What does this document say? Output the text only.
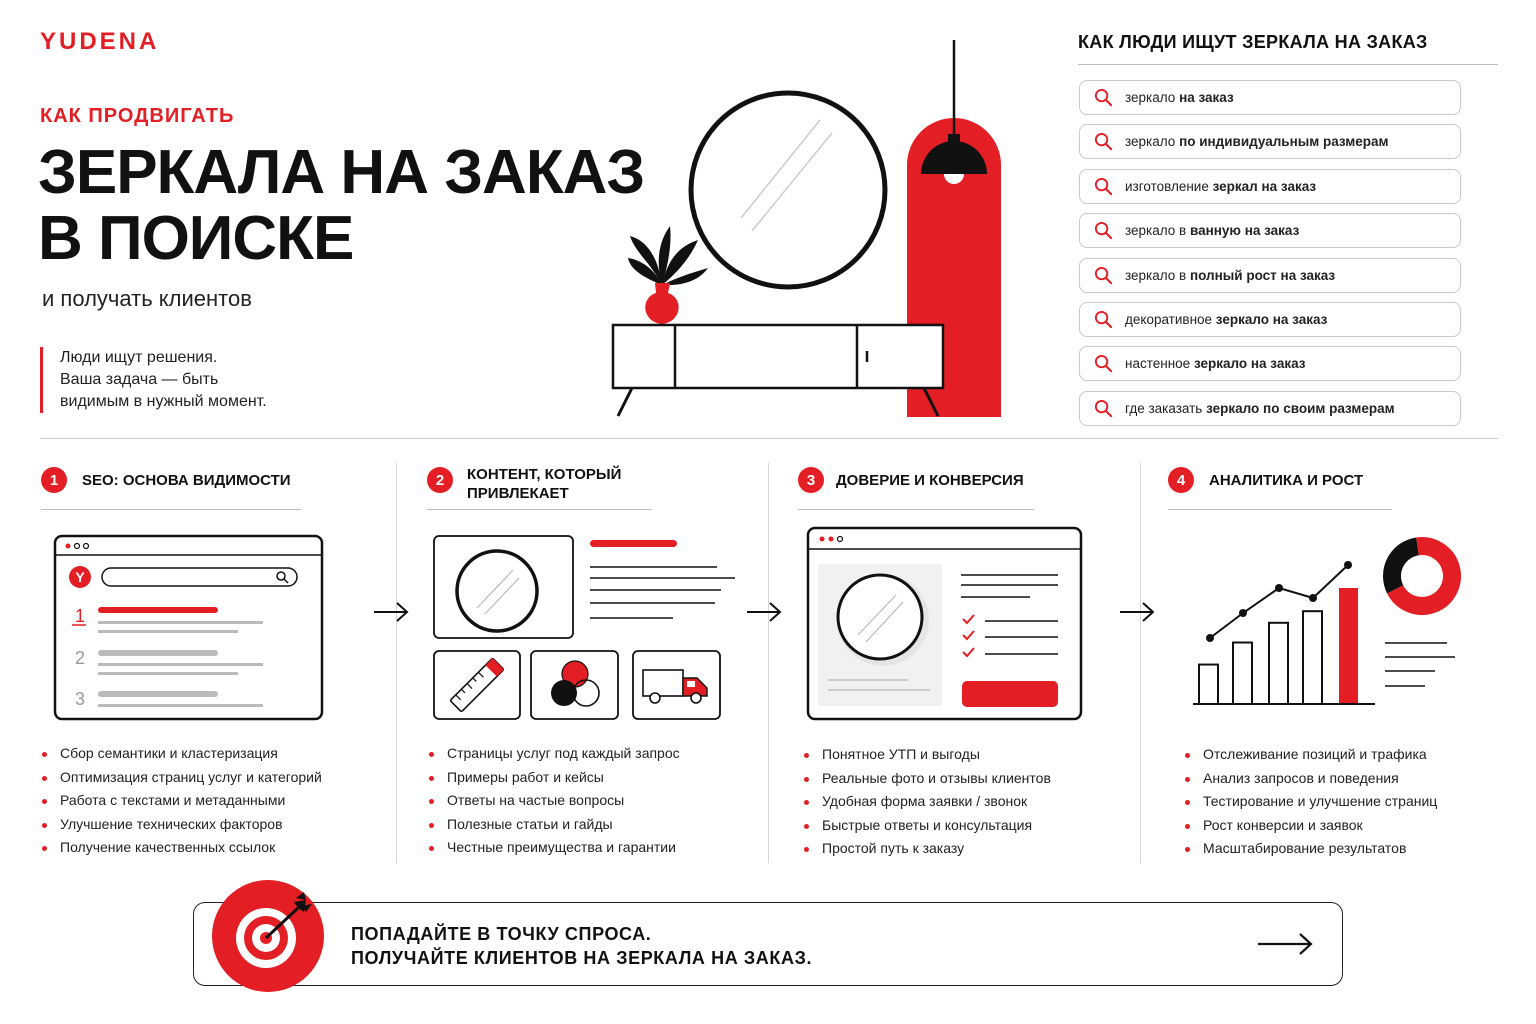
YUDENA
КАК ПРОДВИГАТЬ
ЗЕРКАЛА НА ЗАКАЗ
В ПОИСКЕ
и получать клиентов
Люди ищут решения.
Ваша задача — быть
видимым в нужный момент.
КАК ЛЮДИ ИЩУТ ЗЕРКАЛА НА ЗАКАЗ
зеркало на заказ
зеркало по индивидуальным размерам
изготовление зеркал на заказ
зеркало в ванную на заказ
зеркало в полный рост на заказ
декоративное зеркало на заказ
настенное зеркало на заказ
где заказать зеркало по своим размерам
1	SEO: ОСНОВА ВИДИМОСТИ	2	КОНТЕНТ, КОТОРЫЙ
ПРИВЛЕКАЕТ
3	ДОВЕРИЕ И КОНВЕРСИЯ	4	АНАЛИТИКА И РОСТ
Y
1
2
3
Сбор семантики и кластеризация
Оптимизация страниц услуг и категорий
Работа с текстами и метаданными
Улучшение технических факторов
Получение качественных ссылок
Страницы услуг под каждый запрос
Примеры работ и кейсы
Ответы на частые вопросы
Полезные статьи и гайды
Честные преимущества и гарантии
Понятное УТП и выгоды
Реальные фото и отзывы клиентов
Удобная форма заявки / звонок
Быстрые ответы и консультация
Простой путь к заказу
Отслеживание позиций и трафика
Анализ запросов и поведения
Тестирование и улучшение страниц
Рост конверсии и заявок
Масштабирование результатов
ПОПАДАЙТЕ В ТОЧКУ СПРОСА.
ПОЛУЧАЙТЕ КЛИЕНТОВ НА ЗЕРКАЛА НА ЗАКАЗ.
